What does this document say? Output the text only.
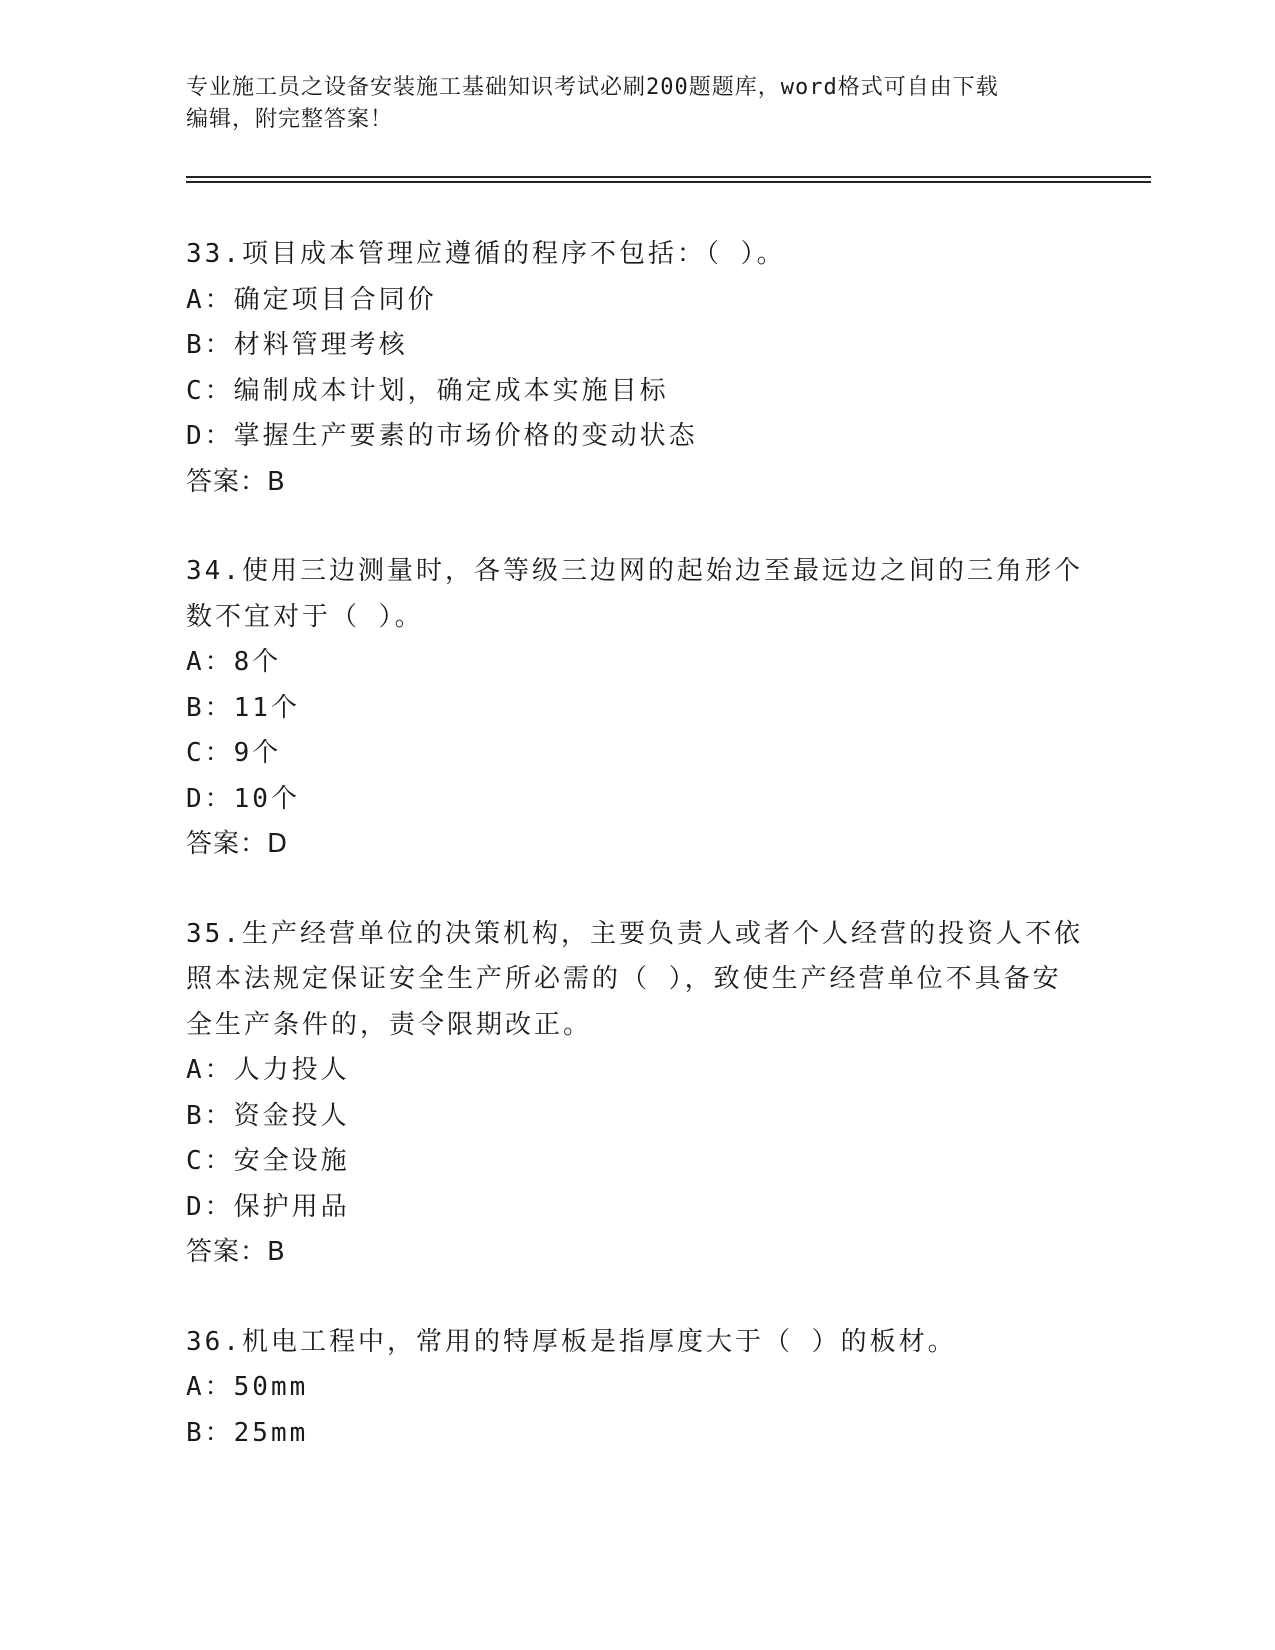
专业施工员之设备安装施工基础知识考试必刷200题题库，word格式可自由下载
编辑，附完整答案！

33.项目成本管理应遵循的程序不包括：（ ）。

A：确定项目合同价

B：材料管理考核

C：编制成本计划，确定成本实施目标

D：掌握生产要素的市场价格的变动状态

答案：B

34.使用三边测量时，各等级三边网的起始边至最远边之间的三角形个

数不宜对于（ ）。

A：8个

B：11个

C：9个

D：10个

答案：D

35.生产经营单位的决策机构，主要负责人或者个人经营的投资人不依

照本法规定保证安全生产所必需的（ ），致使生产经营单位不具备安

全生产条件的，责令限期改正。

A：人力投人

B：资金投人

C：安全设施

D：保护用品

答案：B

36.机电工程中，常用的特厚板是指厚度大于（ ）的板材。

A：50mm

B：25mm
